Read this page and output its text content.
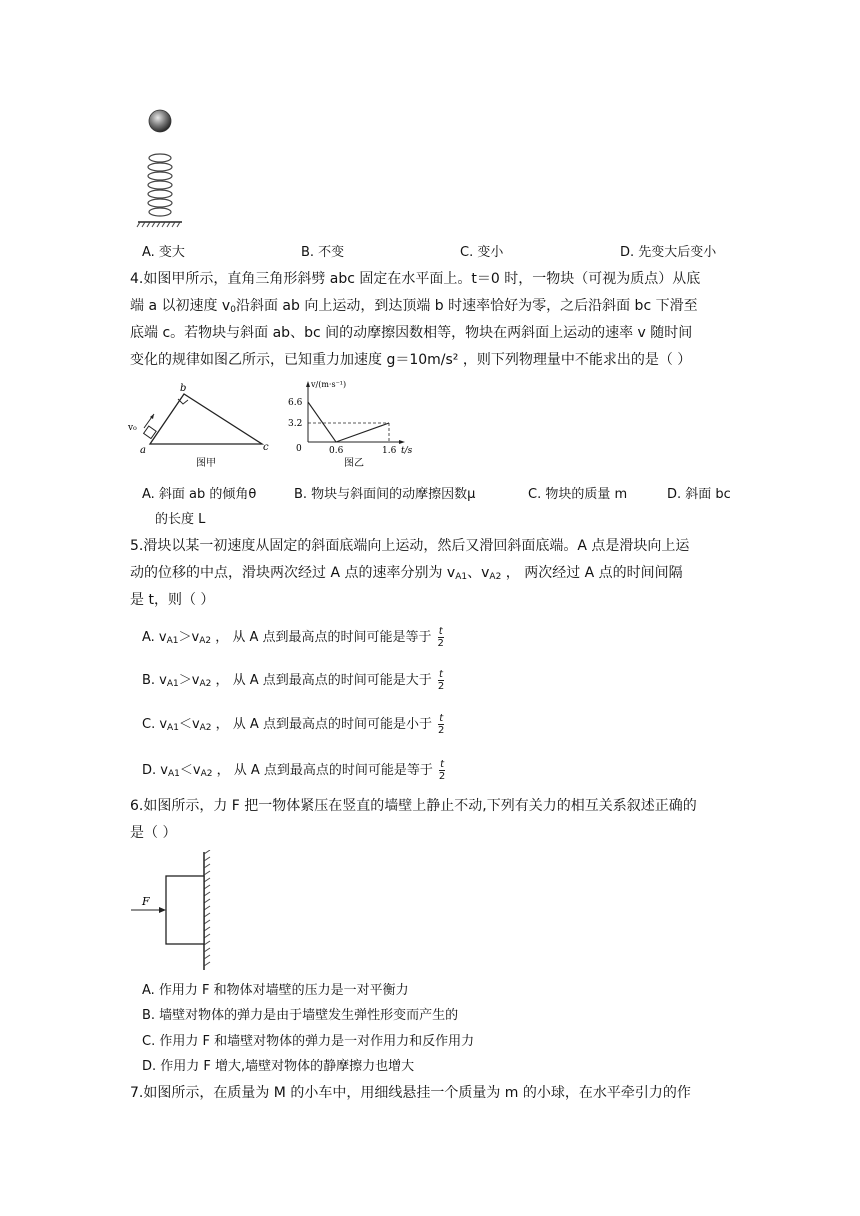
A. 变大	B. 不变	C. 变小	D. 先变大后变小
4.如图甲所示，直角三角形斜劈 abc 固定在水平面上。t＝0 时，一物块（可视为质点）从底
端 a 以初速度 $v_0$沿斜面 ab 向上运动，到达顶端 b 时速率恰好为零，之后沿斜面 bc 下滑至
底端 c。若物块与斜面 ab、bc 间的动摩擦因数相等，物块在两斜面上运动的速率 v 随时间
变化的规律如图乙所示，已知重力加速度 g＝10m/s² ，则下列物理量中不能求出的是（ ）
b
a	c
v₀
图甲
v/(m·s⁻¹)
6.6
3.2
0	0.6	1.6 t/s
图乙
A. 斜面 ab 的倾角θ	B. 物块与斜面间的动摩擦因数μ	C. 物块的质量 m	D. 斜面 bc
的长度 L
5.滑块以某一初速度从固定的斜面底端向上运动，然后又滑回斜面底端。A 点是滑块向上运
动的位移的中点，滑块两次经过 A 点的速率分别为 $v_{A1}$、$v_{A2}$ ， 两次经过 A 点的时间间隔
是 t，则（ ）
A. $v_{A1}>v_{A2}$ ， 从 A 点到最高点的时间可能是等于 $\frac{t}{2}$
B. $v_{A1}>v_{A2}$ ， 从 A 点到最高点的时间可能是大于 $\frac{t}{2}$
C. $v_{A1}<v_{A2}$ ， 从 A 点到最高点的时间可能是小于 $\frac{t}{2}$
D. $v_{A1}<v_{A2}$ ， 从 A 点到最高点的时间可能是等于 $\frac{t}{2}$
6.如图所示，力 F 把一物体紧压在竖直的墙壁上静止不动,下列有关力的相互关系叙述正确的
是（ ）
F
A. 作用力 F 和物体对墙壁的压力是一对平衡力
B. 墙壁对物体的弹力是由于墙壁发生弹性形变而产生的
C. 作用力 F 和墙壁对物体的弹力是一对作用力和反作用力
D. 作用力 F 增大,墙壁对物体的静摩擦力也增大
7.如图所示，在质量为 M 的小车中，用细线悬挂一个质量为 m 的小球，在水平牵引力的作
